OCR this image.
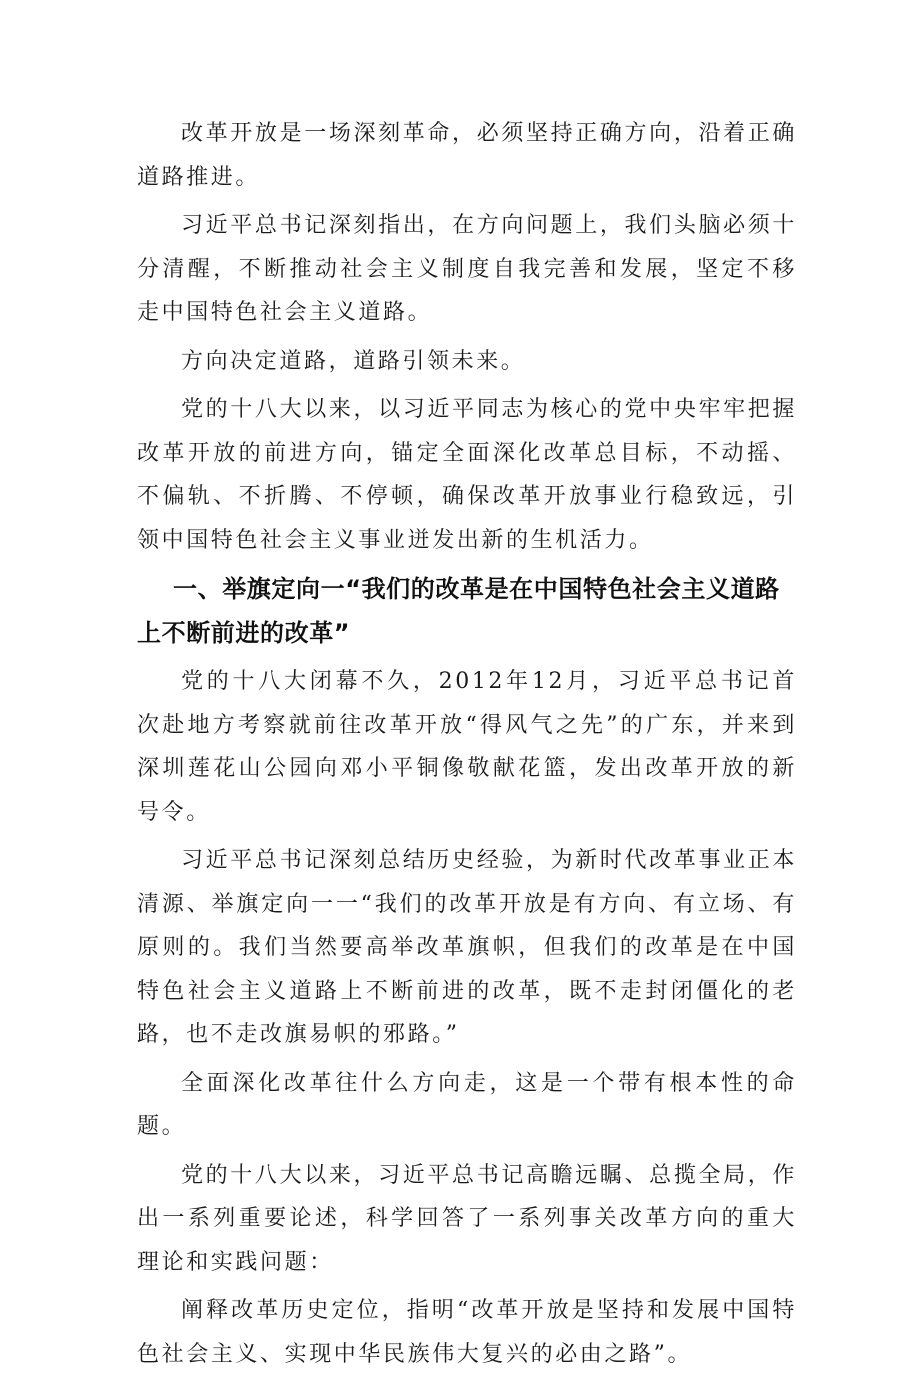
改革开放是一场深刻革命，必须坚持正确方向，沿着正确道路推进。

习近平总书记深刻指出，在方向问题上，我们头脑必须十分清醒，不断推动社会主义制度自我完善和发展，坚定不移走中国特色社会主义道路。

方向决定道路，道路引领未来。

党的十八大以来，以习近平同志为核心的党中央牢牢把握改革开放的前进方向，锚定全面深化改革总目标，不动摇、不偏轨、不折腾、不停顿，确保改革开放事业行稳致远，引领中国特色社会主义事业迸发出新的生机活力。

一、举旗定向一“我们的改革是在中国特色社会主义道路上不断前进的改革”

党的十八大闭幕不久，2012年12月，习近平总书记首次赴地方考察就前往改革开放“得风气之先”的广东，并来到深圳莲花山公园向邓小平铜像敬献花篮，发出改革开放的新号令。

习近平总书记深刻总结历史经验，为新时代改革事业正本清源、举旗定向一一“我们的改革开放是有方向、有立场、有原则的。我们当然要高举改革旗帜，但我们的改革是在中国特色社会主义道路上不断前进的改革，既不走封闭僵化的老路，也不走改旗易帜的邪路。”

全面深化改革往什么方向走，这是一个带有根本性的命题。

党的十八大以来，习近平总书记高瞻远瞩、总揽全局，作出一系列重要论述，科学回答了一系列事关改革方向的重大理论和实践问题：

阐释改革历史定位，指明“改革开放是坚持和发展中国特色社会主义、实现中华民族伟大复兴的必由之路”。
